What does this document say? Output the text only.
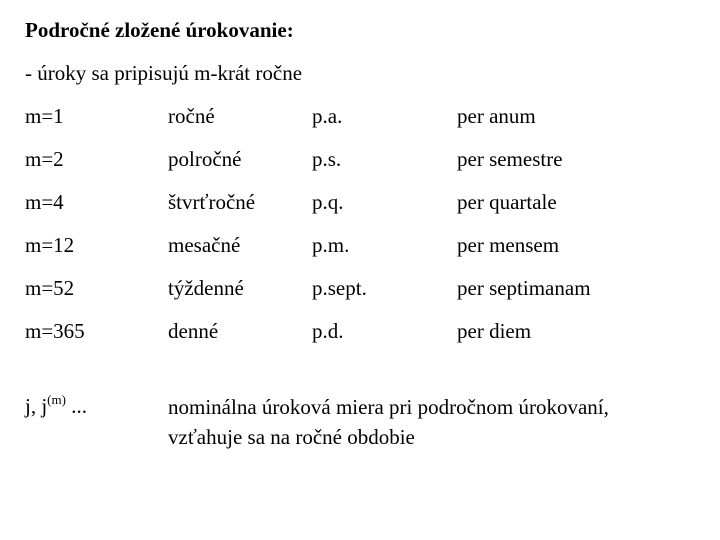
Področné zložené úrokovanie:
- úroky sa pripisujú m-krát ročne
m=1	ročné	p.a.	per anum
m=2	polročné	p.s.	per semestre
m=4	štvrťročné	p.q.	per quartale
m=12	mesačné	p.m.	per mensem
m=52	týždenné	p.sept.	per septimanam
m=365	denné	p.d.	per diem
j, $j^{(m)}$ ...	nominálna úroková miera pri področnom úrokovaní,
vzťahuje sa na ročné obdobie
